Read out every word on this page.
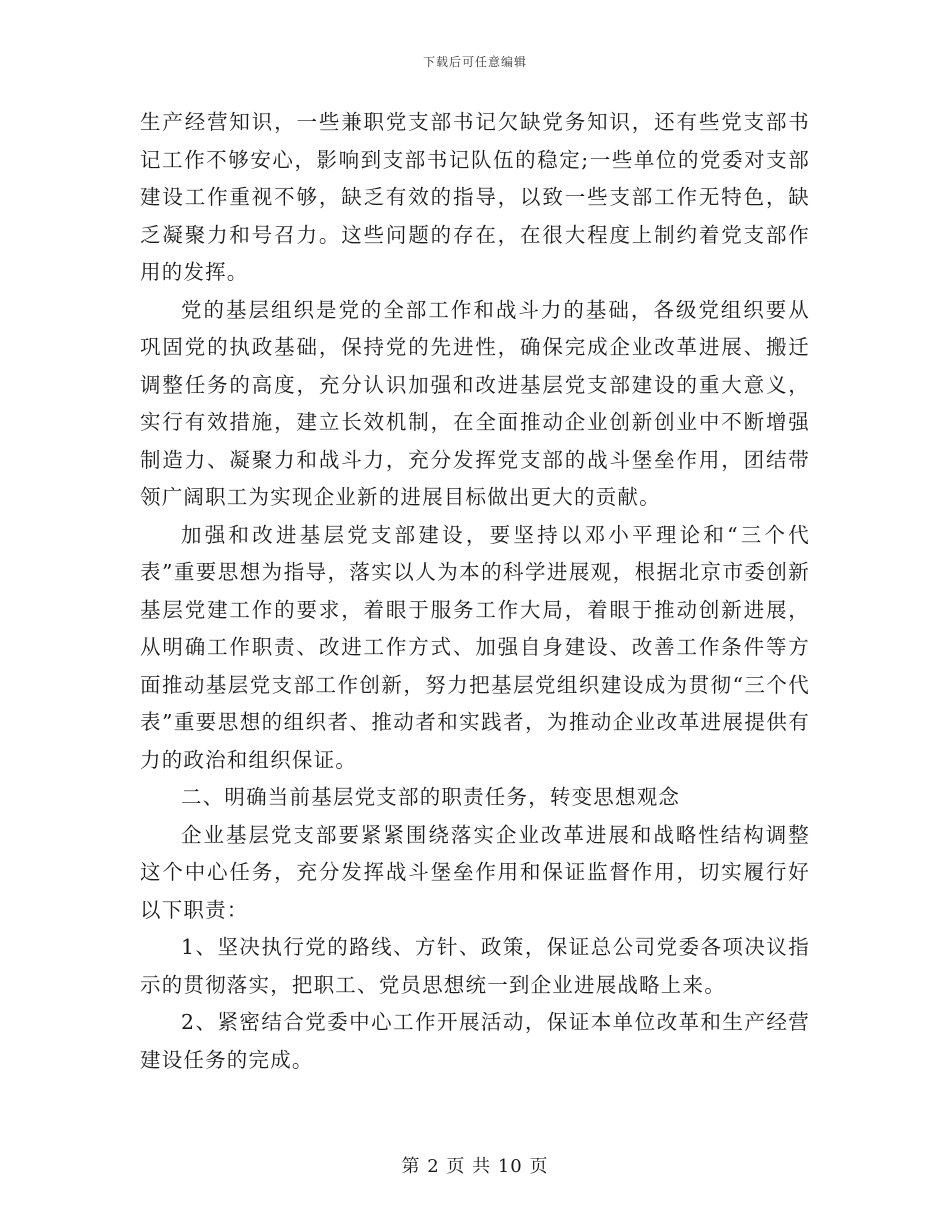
下载后可任意编辑

生产经营知识，一些兼职党支部书记欠缺党务知识，还有些党支部书记工作不够安心，影响到支部书记队伍的稳定;一些单位的党委对支部建设工作重视不够，缺乏有效的指导，以致一些支部工作无特色，缺乏凝聚力和号召力。这些问题的存在，在很大程度上制约着党支部作用的发挥。

党的基层组织是党的全部工作和战斗力的基础，各级党组织要从巩固党的执政基础，保持党的先进性，确保完成企业改革进展、搬迁调整任务的高度，充分认识加强和改进基层党支部建设的重大意义，实行有效措施，建立长效机制，在全面推动企业创新创业中不断增强制造力、凝聚力和战斗力，充分发挥党支部的战斗堡垒作用，团结带领广阔职工为实现企业新的进展目标做出更大的贡献。

加强和改进基层党支部建设，要坚持以邓小平理论和“三个代表”重要思想为指导，落实以人为本的科学进展观，根据北京市委创新基层党建工作的要求，着眼于服务工作大局，着眼于推动创新进展，从明确工作职责、改进工作方式、加强自身建设、改善工作条件等方面推动基层党支部工作创新，努力把基层党组织建设成为贯彻“三个代表”重要思想的组织者、推动者和实践者，为推动企业改革进展提供有力的政治和组织保证。

二、明确当前基层党支部的职责任务，转变思想观念

企业基层党支部要紧紧围绕落实企业改革进展和战略性结构调整这个中心任务，充分发挥战斗堡垒作用和保证监督作用，切实履行好以下职责：

1、坚决执行党的路线、方针、政策，保证总公司党委各项决议指示的贯彻落实，把职工、党员思想统一到企业进展战略上来。

2、紧密结合党委中心工作开展活动，保证本单位改革和生产经营建设任务的完成。

第 2 页 共 10 页
